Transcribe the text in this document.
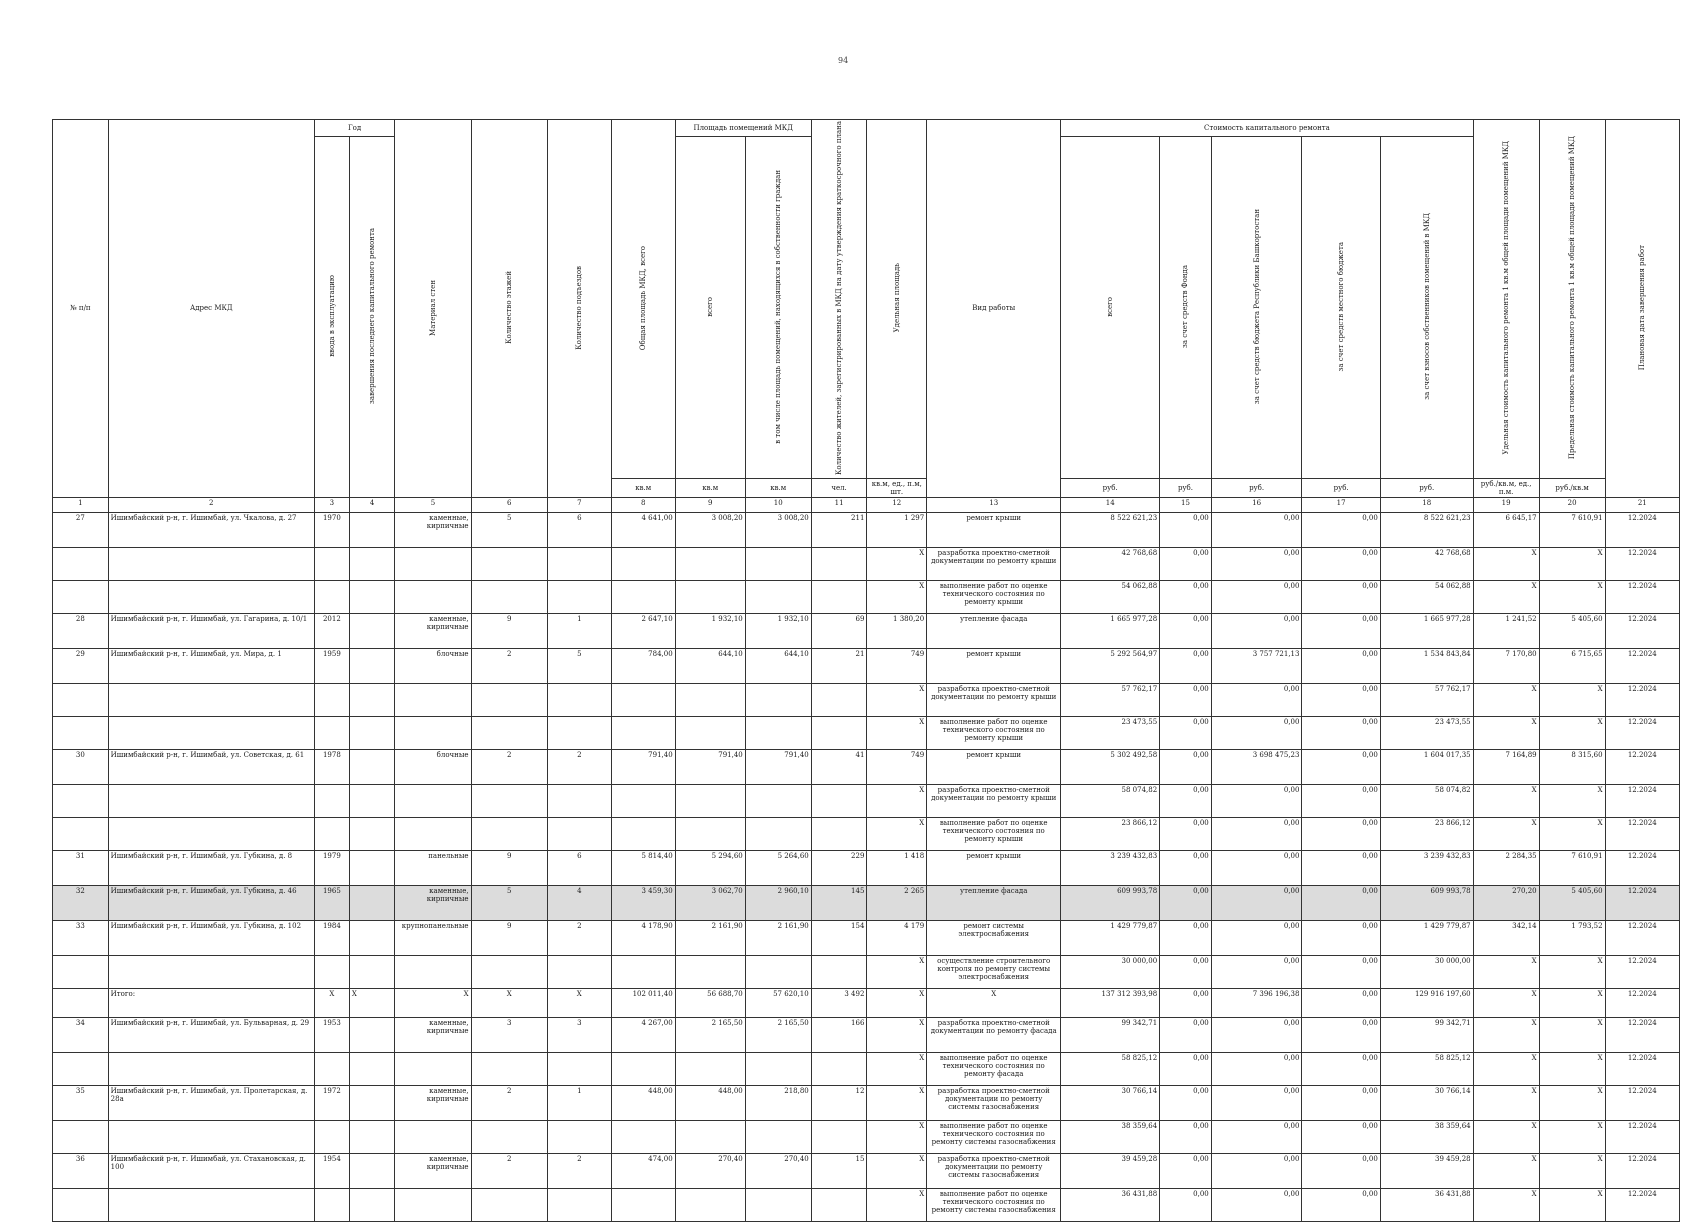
94
№ п/п	Адрес МКД	Год		Материал стен	Количество этажей	Количество подъездов	Общая площадь МКД, всего	Площадь помещений МКД		Количество жителей, зарегистрированных в МКД на дату утверждения краткосрочного плана	Удельная площадь	Вид работы	Стоимость капитального ремонта					Удельная стоимость капитального ремонта 1 кв.м общей площади помещений МКД	Предельная стоимость капитального ремонта 1 кв.м общей площади помещений МКД	Плановая дата завершения работ
		ввода в эксплуатацию	завершения последнего капитального ремонта					всего	в том числе площадь помещений, находящихся в собственности граждан				всего	за счет средств Фонда	за счет средств бюджета Республики Башкортостан	за счет средств местного бюджета	за счет взносов собственников помещений в МКД			
							кв.м	кв.м	кв.м	чел.	кв.м, ед., п.м, шт.		руб.	руб.	руб.	руб.	руб.	руб./кв.м, ед., п.м.	руб./кв.м	
1	2	3	4	5	6	7	8	9	10	11	12	13	14	15	16	17	18	19	20	21
27	Ишимбайский р-н, г. Ишимбай, ул. Чкалова, д. 27	1970		каменные, кирпичные	5	6	4 641,00	3 008,20	3 008,20	211	1 297	ремонт крыши	8 522 621,23	0,00	0,00	0,00	8 522 621,23	6 645,17	7 610,91	12.2024
											X	разработка проектно-сметной документации по ремонту крыши	42 768,68	0,00	0,00	0,00	42 768,68	X	X	12.2024
											X	выполнение работ по оценке технического состояния по ремонту крыши	54 062,88	0,00	0,00	0,00	54 062,88	X	X	12.2024
28	Ишимбайский р-н, г. Ишимбай, ул. Гагарина, д. 10/1	2012		каменные, кирпичные	9	1	2 647,10	1 932,10	1 932,10	69	1 380,20	утепление фасада	1 665 977,28	0,00	0,00	0,00	1 665 977,28	1 241,52	5 405,60	12.2024
29	Ишимбайский р-н, г. Ишимбай, ул. Мира, д. 1	1959		блочные	2	5	784,00	644,10	644,10	21	749	ремонт крыши	5 292 564,97	0,00	3 757 721,13	0,00	1 534 843,84	7 170,80	6 715,65	12.2024
											X	разработка проектно-сметной документации по ремонту крыши	57 762,17	0,00	0,00	0,00	57 762,17	X	X	12.2024
											X	выполнение работ по оценке технического состояния по ремонту крыши	23 473,55	0,00	0,00	0,00	23 473,55	X	X	12.2024
30	Ишимбайский р-н, г. Ишимбай, ул. Советская, д. 61	1978		блочные	2	2	791,40	791,40	791,40	41	749	ремонт крыши	5 302 492,58	0,00	3 698 475,23	0,00	1 604 017,35	7 164,89	8 315,60	12.2024
											X	разработка проектно-сметной документации по ремонту крыши	58 074,82	0,00	0,00	0,00	58 074,82	X	X	12.2024
											X	выполнение работ по оценке технического состояния по ремонту крыши	23 866,12	0,00	0,00	0,00	23 866,12	X	X	12.2024
31	Ишимбайский р-н, г. Ишимбай, ул. Губкина, д. 8	1979		панельные	9	6	5 814,40	5 294,60	5 264,60	229	1 418	ремонт крыши	3 239 432,83	0,00	0,00	0,00	3 239 432,83	2 284,35	7 610,91	12.2024
32	Ишимбайский р-н, г. Ишимбай, ул. Губкина, д. 46	1965		каменные, кирпичные	5	4	3 459,30	3 062,70	2 960,10	145	2 265	утепление фасада	609 993,78	0,00	0,00	0,00	609 993,78	270,20	5 405,60	12.2024
33	Ишимбайский р-н, г. Ишимбай, ул. Губкина, д. 102	1984		крупнопанельные	9	2	4 178,90	2 161,90	2 161,90	154	4 179	ремонт системы электроснабжения	1 429 779,87	0,00	0,00	0,00	1 429 779,87	342,14	1 793,52	12.2024
											X	осуществление строительного контроля по ремонту системы электроснабжения	30 000,00	0,00	0,00	0,00	30 000,00	X	X	12.2024
	Итого:	X	X	X	X	X	102 011,40	56 688,70	57 620,10	3 492	X	X	137 312 393,98	0,00	7 396 196,38	0,00	129 916 197,60	X	X	12.2024
34	Ишимбайский р-н, г. Ишимбай, ул. Бульварная, д. 29	1953		каменные, кирпичные	3	3	4 267,00	2 165,50	2 165,50	166	X	разработка проектно-сметной документации по ремонту фасада	99 342,71	0,00	0,00	0,00	99 342,71	X	X	12.2024
											X	выполнение работ по оценке технического состояния по ремонту фасада	58 825,12	0,00	0,00	0,00	58 825,12	X	X	12.2024
35	Ишимбайский р-н, г. Ишимбай, ул. Пролетарская, д. 28а	1972		каменные, кирпичные	2	1	448,00	448,00	218,80	12	X	разработка проектно-сметной документации по ремонту системы газоснабжения	30 766,14	0,00	0,00	0,00	30 766,14	X	X	12.2024
											X	выполнение работ по оценке технического состояния по ремонту системы газоснабжения	38 359,64	0,00	0,00	0,00	38 359,64	X	X	12.2024
36	Ишимбайский р-н, г. Ишимбай, ул. Стахановская, д. 100	1954		каменные, кирпичные	2	2	474,00	270,40	270,40	15	X	разработка проектно-сметной документации по ремонту системы газоснабжения	39 459,28	0,00	0,00	0,00	39 459,28	X	X	12.2024
											X	выполнение работ по оценке технического состояния по ремонту системы газоснабжения	36 431,88	0,00	0,00	0,00	36 431,88	X	X	12.2024
